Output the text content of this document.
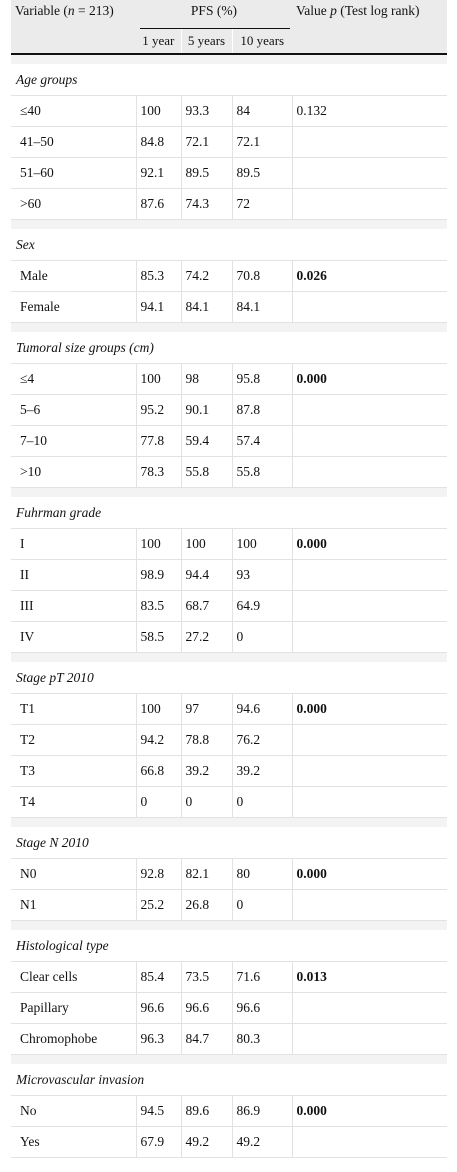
Variable (n = 213)	PFS (%)			Value p (Test log rank)
	1 year	5 years	10 years	

Age groups				
≤40	100	93.3	84	0.132
41–50	84.8	72.1	72.1	
51–60	92.1	89.5	89.5	
>60	87.6	74.3	72	

Sex				
Male	85.3	74.2	70.8	0.026
Female	94.1	84.1	84.1	

Tumoral size groups (cm)				
≤4	100	98	95.8	0.000
5–6	95.2	90.1	87.8	
7–10	77.8	59.4	57.4	
>10	78.3	55.8	55.8	

Fuhrman grade				
I	100	100	100	0.000
II	98.9	94.4	93	
III	83.5	68.7	64.9	
IV	58.5	27.2	0	

Stage pT 2010				
T1	100	97	94.6	0.000
T2	94.2	78.8	76.2	
T3	66.8	39.2	39.2	
T4	0	0	0	

Stage N 2010				
N0	92.8	82.1	80	0.000
N1	25.2	26.8	0	

Histological type				
Clear cells	85.4	73.5	71.6	0.013
Papillary	96.6	96.6	96.6	
Chromophobe	96.3	84.7	80.3	

Microvascular invasion				
No	94.5	89.6	86.9	0.000
Yes	67.9	49.2	49.2	
